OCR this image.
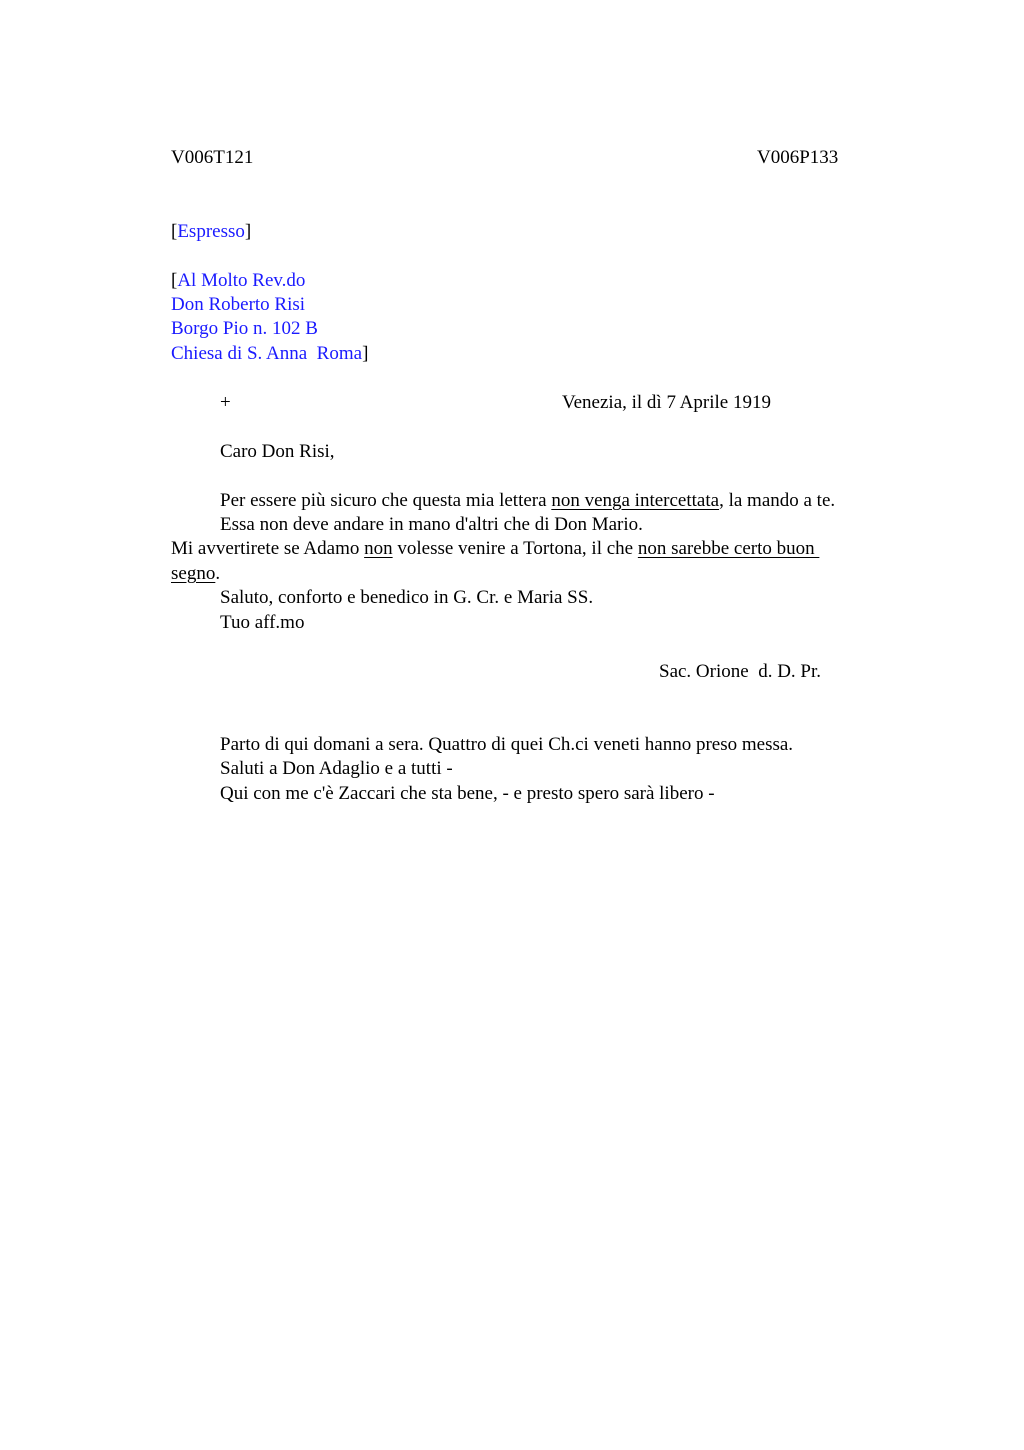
V006T121	V006P133
[Espresso]
[Al Molto Rev.do
Don Roberto Risi
Borgo Pio n. 102 B
Chiesa di S. Anna  Roma]
+	Venezia, il dì 7 Aprile 1919
Caro Don Risi,
Per essere più sicuro che questa mia lettera non venga intercettata, la mando a te.
Essa non deve andare in mano d'altri che di Don Mario.
Mi avvertirete se Adamo non volesse venire a Tortona, il che non sarebbe certo buon
segno.
Saluto, conforto e benedico in G. Cr. e Maria SS.
Tuo aff.mo
Sac. Orione  d. D. Pr.
Parto di qui domani a sera. Quattro di quei Ch.ci veneti hanno preso messa.
Saluti a Don Adaglio e a tutti -
Qui con me c'è Zaccari che sta bene, - e presto spero sarà libero -
